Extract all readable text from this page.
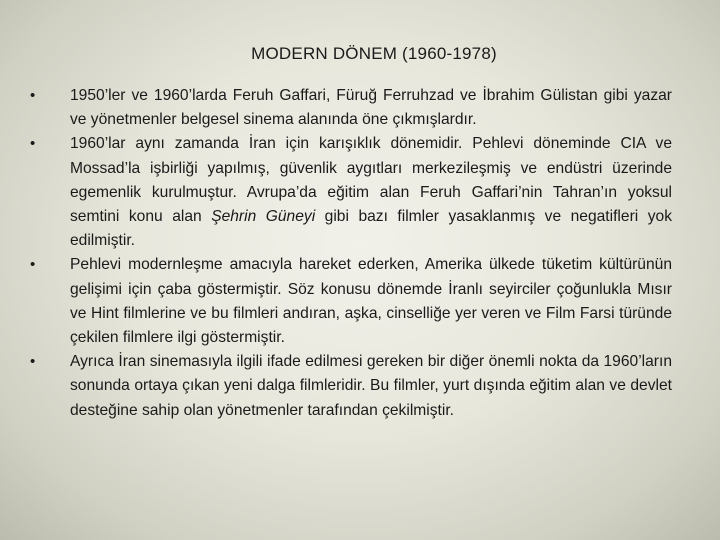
MODERN DÖNEM (1960-1978)
•	1950’ler ve 1960’larda Feruh Gaffari, Füruğ Ferruhzad ve İbrahim Gülistan gibi yazar ve yönetmenler belgesel sinema alanında öne çıkmışlardır.
•	1960’lar aynı zamanda İran için karışıklık dönemidir. Pehlevi döneminde CIA ve Mossad’la işbirliği yapılmış, güvenlik aygıtları merkezileşmiş ve endüstri üzerinde egemenlik kurulmuştur. Avrupa’da eğitim alan Feruh Gaffari’nin Tahran’ın yoksul semtini konu alan Şehrin Güneyi gibi bazı filmler yasaklanmış ve negatifleri yok edilmiştir.
•	Pehlevi modernleşme amacıyla hareket ederken, Amerika ülkede tüketim kültürünün gelişimi için çaba göstermiştir. Söz konusu dönemde İranlı seyirciler çoğunlukla Mısır ve Hint filmlerine ve bu filmleri andıran, aşka, cinselliğe yer veren ve Film Farsi türünde çekilen filmlere ilgi göstermiştir.
•	Ayrıca İran sinemasıyla ilgili ifade edilmesi gereken bir diğer önemli nokta da 1960’ların sonunda ortaya çıkan yeni dalga filmleridir. Bu filmler, yurt dışında eğitim alan ve devlet desteğine sahip olan yönetmenler tarafından çekilmiştir.
